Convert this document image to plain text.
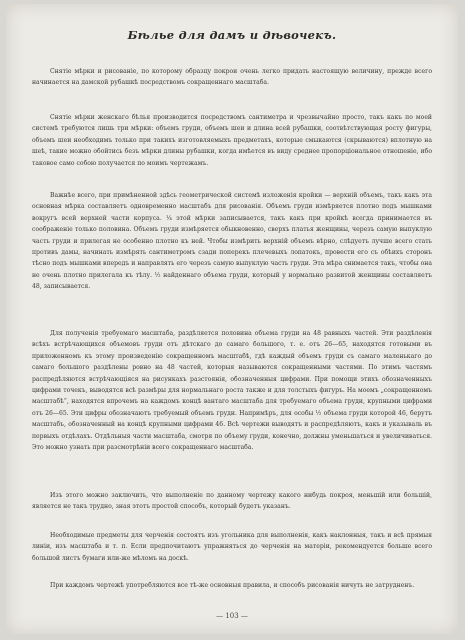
Бѣлье для дамъ и дѣвочекъ.

Снятіе мѣрки и рисованіе, по которому образцу покрои очень легко придать настоящую величину, прежде всего начинается на дамской рубашкѣ посредствомъ сокращеннаго масштаба.

Снятіе мѣрки женскаго бѣлья производится посредствомъ сантиметра и чрезвычайно просто, такъ какъ по моей системѣ требуются лишь три мѣрки: объемъ груди, объемъ шеи и длина всей рубашки, соотвѣтствующая росту фигуры, объемъ шеи необходимъ только при такихъ изготовляемыхъ предметахъ, которые смыкаются (скрываются) вплотную на шеѣ, такие можно обойтись безъ мѣрки длины рубашки, когда имѣется въ виду среднее пропорціональное отношеніе, ибо таковое само собою получается по моимъ чертежамъ.

Важнѣе всего, при примѣненной здѣсь геометрической системѣ изложенія кройки — верхній объемъ, такъ какъ эта основная мѣрка составляетъ одновременно масштабъ для рисованія. Объемъ груди измѣряется плотно подъ мышками вокругъ всей верхней части корпуса. ¼ этой мѣрки записывается, такъ какъ при кройкѣ всегда принимается въ соображеніе только половина. Объемъ груди измѣряется обыкновенно, сверхъ платья женщины, черезъ самую выпуклую часть груди и прилегая не особенно плотно къ ней. Чтобы измѣрить верхній объемъ вѣрно, слѣдуетъ лучше всего стать противъ дамы, начинать измѣрять сантиметромъ сзади поперекъ плечевыхъ лопатокъ, провести его съ обѣихъ сторонъ тѣсно подъ мышками впередъ и направлять его черезъ самую выпуклую часть груди. Эта мѣра снимается такъ, чтобы она не очень плотно прилегала къ тѣлу. ½ найденнаго объема груди, который у нормально развитой женщины составляетъ 48, записывается.

Для полученія требуемаго масштаба, раздѣляется половина объема груди на 48 равныхъ частей. Эти раздѣленія всѣхъ встрѣчающихся объемовъ груди отъ дѣтскаго до самаго большого, т. е. отъ 26—65, находятся готовыми въ приложенномъ къ этому произведенію сокращенномъ масштабѣ, гдѣ каждый объемъ груди съ самаго маленькаго до самаго большого раздѣлены ровно на 48 частей, которыя называются сокращенными частями. По этимъ частямъ распредѣляются встрѣчающіяся на рисункахъ разстоянія, обозначенныя цифрами. При помощи этихъ обозначенныхъ цифрами точекъ, выводятся всѣ размѣры для нормальнаго роста также и для толстыхъ фигуръ. На моемъ „сокращенномъ масштабѣ“, находятся впрочемъ на каждомъ концѣ вантаго масштаба для требуемаго объема груди, крупными цифрами отъ 26—65. Эти цифры обозначаютъ требуемый объемъ груди. Напримѣръ, для особы ½ объема груди которой 46, берутъ масштабъ, обозначенный на концѣ крупными цифрами 46. Всѣ чертежи выводятъ и распредѣляютъ, какъ и указываль въ первыхъ отдѣлахъ. Отдѣльныя части масштаба, смотря по объему груди, конечно, должны уменьшаться и увеличиваться. Это можно узнать при разсмотрѣніи всего сокращеннаго масштаба.

Изъ этого можно заключить, что выполненіе по данному чертежу какого нибудь покроя, меньшій или большій, является не такъ трудно, зная этотъ простой способъ, который будетъ указанъ.

Необходимые предметы для черченія состоятъ изъ угольника для выполненія, какъ наклонныя, такъ и всѣ прямыя линіи, изъ масштаба и т. п. Если предпочитаютъ упражняться до черченія на матеріи, рекомендуется больше всего большой листъ бумаги или-же мѣломъ на доскѣ.

При каждомъ чертежѣ употребляются все тѣ-же основныя правила, и способъ рисованія ничуть не затрудненъ.

— 103 —
